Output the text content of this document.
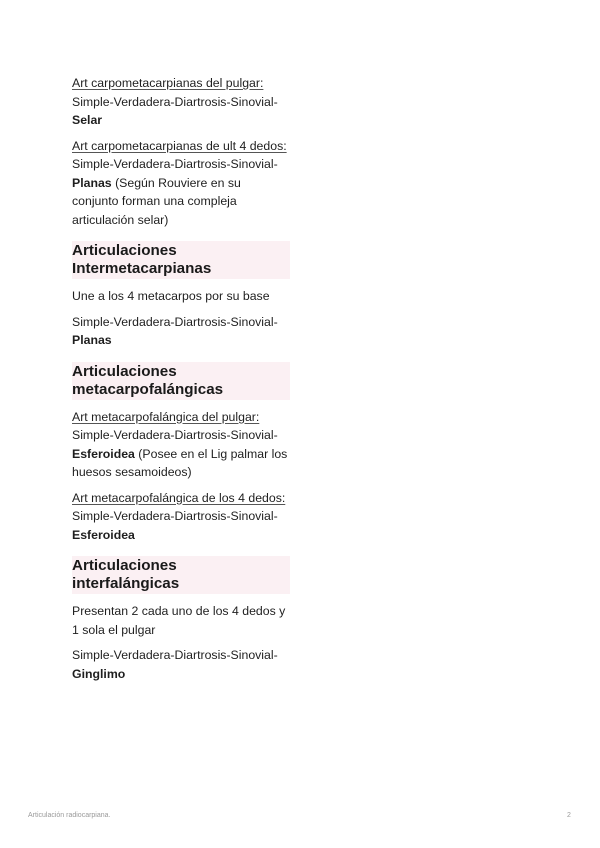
Art carpometacarpianas del pulgar: Simple-Verdadera-Diartrosis-Sinovial-Selar

Art carpometacarpianas de ult 4 dedos: Simple-Verdadera-Diartrosis-Sinovial-Planas (Según Rouviere en su conjunto forman una compleja articulación selar)

Articulaciones Intermetacarpianas

Une a los 4 metacarpos por su base

Simple-Verdadera-Diartrosis-Sinovial-Planas

Articulaciones metacarpofalángicas

Art metacarpofalángica del pulgar: Simple-Verdadera-Diartrosis-Sinovial-Esferoidea (Posee en el Lig palmar los huesos sesamoideos)

Art metacarpofalángica de los 4 dedos: Simple-Verdadera-Diartrosis-Sinovial-Esferoidea

Articulaciones interfalángicas

Presentan 2 cada uno de los 4 dedos y 1 sola el pulgar

Simple-Verdadera-Diartrosis-Sinovial-Ginglimo

Articulación radiocarpiana.	2
